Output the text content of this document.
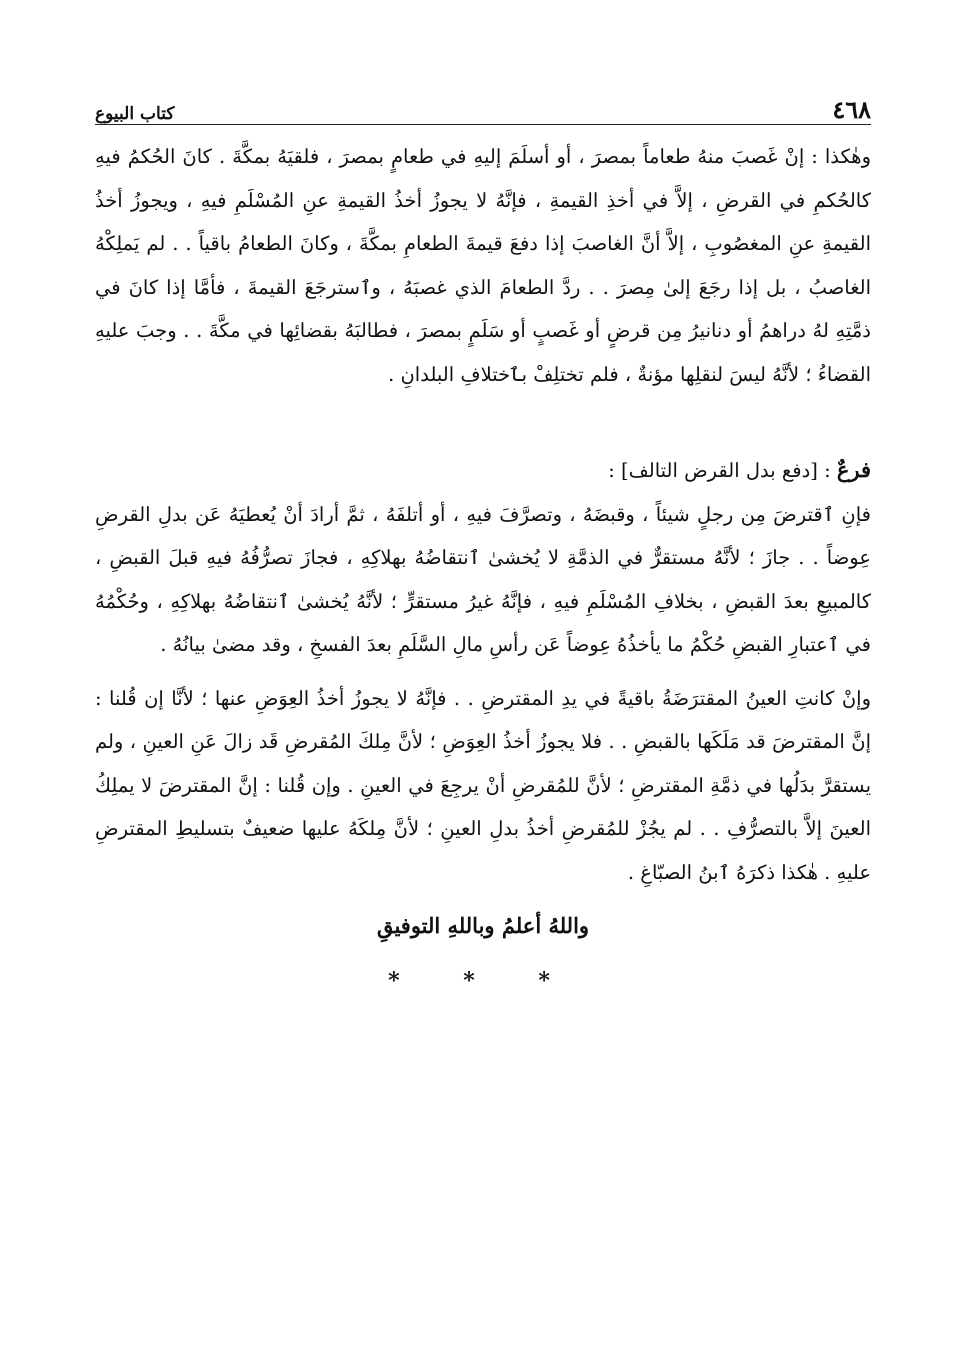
٤٦٨
كتاب البيوع

وهٰكذا : إنْ غَصبَ منهُ طعاماً بمصرَ ، أو أسلَمَ إليهِ في طعامٍ بمصرَ ، فلقيَهُ بمكَّةَ . كانَ الحُكمُ فيهِ كالحُكمِ في القرضِ ، إلاَّ في أخذِ القيمةِ ، فإنَّهُ لا يجوزُ أخذُ القيمةِ عنِ المُسْلَمِ فيهِ ، ويجوزُ أخذُ القيمةِ عنِ المغصُوبِ ، إلاَّ أنَّ الغاصبَ إذا دفعَ قيمةَ الطعامِ بمكَّةَ ، وكانَ الطعامُ باقياً . . لم يَملِكْهُ الغاصبُ ، بل إذا رجَعَ إلىٰ مِصرَ . . ردَّ الطعامَ الذي غصبَهُ ، وٱسترجَعَ القيمةَ ، فأمَّا إذا كانَ في ذمَّتِهِ لهُ دراهمُ أو دنانيرُ مِن قرضٍ أو غَصبٍ أو سَلَمٍ بمصرَ ، فطالبَهُ بقضائِها في مكَّةَ . . وجبَ عليهِ القضاءُ ؛ لأنَّهُ ليسَ لنقلِها مؤنةٌ ، فلم تختلِفْ بٱختلافِ البلدانِ .

فرعٌ : [دفع بدل القرض التالف] :

فإنِ ٱقترضَ مِن رجلٍ شيئاً ، وقبضَهُ ، وتصرَّفَ فيهِ ، أو أتلفَهُ ، ثمَّ أرادَ أنْ يُعطيَهُ عَن بدلِ القرضِ عِوضاً . . جازَ ؛ لأنَّهُ مستقرٌّ في الذمَّةِ لا يُخشىٰ ٱنتقاضُهُ بهلاكِهِ ، فجازَ تصرُّفُهُ فيهِ قبلَ القبضِ ، كالمبيعِ بعدَ القبضِ ، بخلافِ المُسْلَمِ فيهِ ، فإنَّهُ غيرُ مستقرٍّ ؛ لأنَّهُ يُخشىٰ ٱنتقاضُهُ بهلاكِهِ ، وحُكْمُهُ في ٱعتبارِ القبضِ حُكْمُ ما يأخذُهُ عِوضاً عَن رأسِ مالِ السَّلَمِ بعدَ الفسخِ ، وقد مضىٰ بيانُهُ .

وإنْ كانتِ العينُ المقترَضَةُ باقيةً في يدِ المقترضِ . . فإنَّهُ لا يجوزُ أخذُ العِوَضِ عنها ؛ لأنَّا إن قُلنا : إنَّ المقترضَ قد مَلَكَها بالقبضِ . . فلا يجوزُ أخذُ العِوَضِ ؛ لأنَّ مِلكَ المُقرضِ قَد زالَ عَنِ العينِ ، ولم يستقرَّ بدَلُها في ذمَّةِ المقترضِ ؛ لأنَّ للمُقرضِ أنْ يرجِعَ في العينِ . وإن قُلنا : إنَّ المقترضَ لا يملِكُ العينَ إلاَّ بالتصرُّفِ . . لم يجُزْ للمُقرضِ أخذُ بدلِ العينِ ؛ لأنَّ مِلكَهُ عليها ضعيفٌ بتسليطِ المقترضِ عليهِ . هٰكذا ذكرَهُ ٱبنُ الصبّاغِ .

واللهُ أعلمُ وباللهِ التوفيقِ
* * *
